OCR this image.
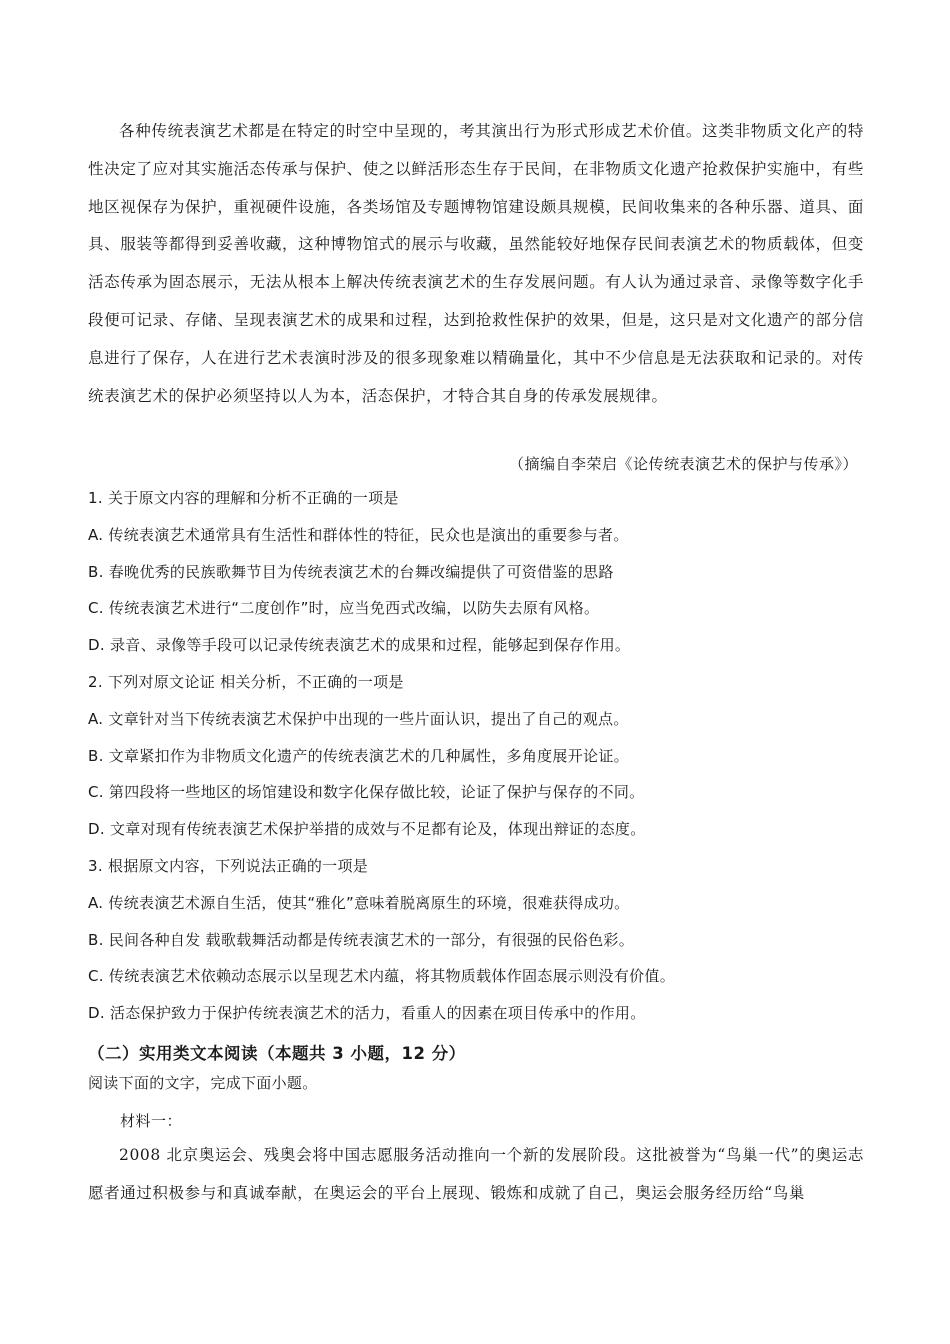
各种传统表演艺术都是在特定的时空中呈现的，考其演出行为形式形成艺术价值。这类非物质文化产的特性决定了应对其实施活态传承与保护、使之以鲜活形态生存于民间，在非物质文化遗产抢救保护实施中，有些地区视保存为保护，重视硬件设施，各类场馆及专题博物馆建设颇具规模，民间收集来的各种乐器、道具、面具、服装等都得到妥善收藏，这种博物馆式的展示与收藏，虽然能较好地保存民间表演艺术的物质载体，但变活态传承为固态展示，无法从根本上解决传统表演艺术的生存发展问题。有人认为通过录音、录像等数字化手段便可记录、存储、呈现表演艺术的成果和过程，达到抢救性保护的效果，但是，这只是对文化遗产的部分信息进行了保存，人在进行艺术表演时涉及的很多现象难以精确量化，其中不少信息是无法获取和记录的。对传统表演艺术的保护必须坚持以人为本，活态保护，才特合其自身的传承发展规律。

（摘编自李荣启《论传统表演艺术的保护与传承》）
1. 关于原文内容的理解和分析不正确的一项是
A. 传统表演艺术通常具有生活性和群体性的特征，民众也是演出的重要参与者。
B. 春晚优秀的民族歌舞节目为传统表演艺术的台舞改编提供了可资借鉴的思路
C. 传统表演艺术进行“二度创作”时，应当免西式改编，以防失去原有风格。
D. 录音、录像等手段可以记录传统表演艺术的成果和过程，能够起到保存作用。
2. 下列对原文论证 相关分析，不正确的一项是
A. 文章针对当下传统表演艺术保护中出现的一些片面认识，提出了自己的观点。
B. 文章紧扣作为非物质文化遗产的传统表演艺术的几种属性，多角度展开论证。
C. 第四段将一些地区的场馆建设和数字化保存做比较，论证了保护与保存的不同。
D. 文章对现有传统表演艺术保护举措的成效与不足都有论及，体现出辩证的态度。
3. 根据原文内容，下列说法正确的一项是
A. 传统表演艺术源自生活，使其“雅化”意味着脱离原生的环境，很难获得成功。
B. 民间各种自发 载歌载舞活动都是传统表演艺术的一部分，有很强的民俗色彩。
C. 传统表演艺术依赖动态展示以呈现艺术内蕴，将其物质载体作固态展示则没有价值。
D. 活态保护致力于保护传统表演艺术的活力，看重人的因素在项目传承中的作用。
（二）实用类文本阅读（本题共 3 小题，12 分）
阅读下面的文字，完成下面小题。
材料一：

2008 北京奥运会、残奥会将中国志愿服务活动推向一个新的发展阶段。这批被誉为“鸟巢一代”的奥运志愿者通过积极参与和真诚奉献，在奥运会的平台上展现、锻炼和成就了自己，奥运会服务经历给“鸟巢
